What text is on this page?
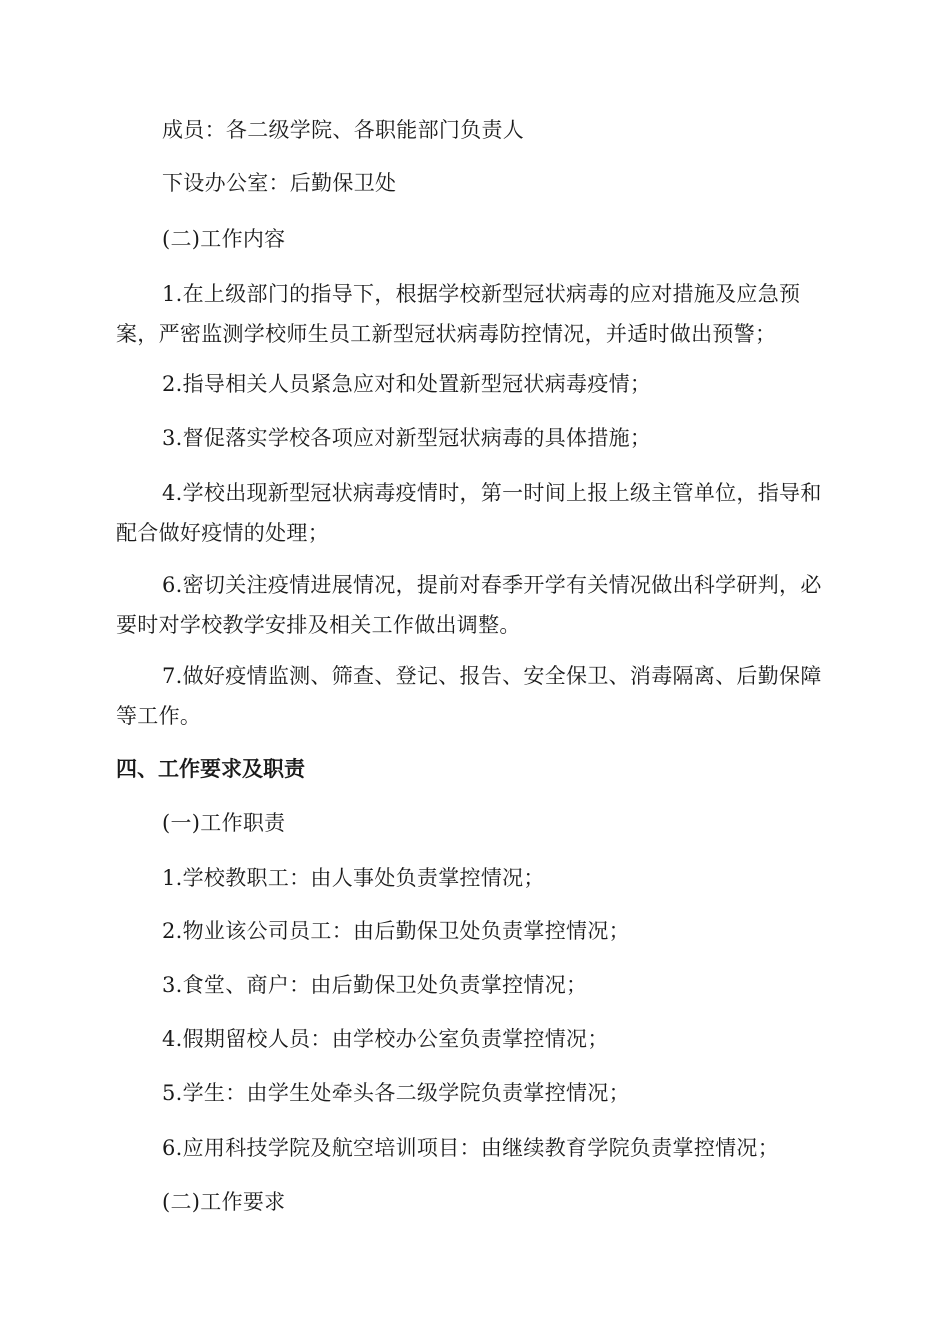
成员：各二级学院、各职能部门负责人

下设办公室：后勤保卫处

(二)工作内容

1.在上级部门的指导下，根据学校新型冠状病毒的应对措施及应急预案，严密监测学校师生员工新型冠状病毒防控情况，并适时做出预警；

2.指导相关人员紧急应对和处置新型冠状病毒疫情；

3.督促落实学校各项应对新型冠状病毒的具体措施；

4.学校出现新型冠状病毒疫情时，第一时间上报上级主管单位，指导和配合做好疫情的处理；

6.密切关注疫情进展情况，提前对春季开学有关情况做出科学研判，必要时对学校教学安排及相关工作做出调整。

7.做好疫情监测、筛查、登记、报告、安全保卫、消毒隔离、后勤保障等工作。

四、工作要求及职责

(一)工作职责

1.学校教职工：由人事处负责掌控情况；

2.物业该公司员工：由后勤保卫处负责掌控情况；

3.食堂、商户：由后勤保卫处负责掌控情况；

4.假期留校人员：由学校办公室负责掌控情况；

5.学生：由学生处牵头各二级学院负责掌控情况；

6.应用科技学院及航空培训项目：由继续教育学院负责掌控情况；

(二)工作要求
